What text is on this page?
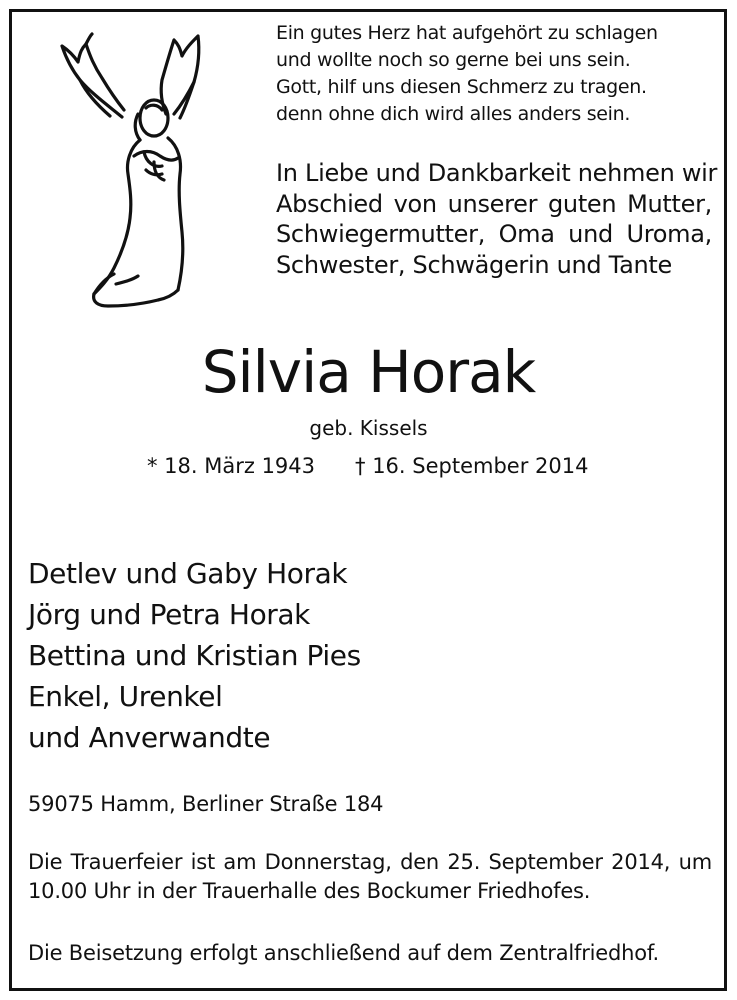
Ein gutes Herz hat aufgehört zu schlagen
und wollte noch so gerne bei uns sein.
Gott, hilf uns diesen Schmerz zu tragen.
denn ohne dich wird alles anders sein.
In Liebe und Dankbarkeit nehmen wir
Abschied von unserer guten Mutter,
Schwiegermutter, Oma und Uroma,
Schwester, Schwägerin und Tante
Silvia Horak
geb. Kissels
* 18. März 1943 † 16. September 2014
Detlev und Gaby Horak
Jörg und Petra Horak
Bettina und Kristian Pies
Enkel, Urenkel
und Anverwandte
59075 Hamm, Berliner Straße 184
Die Trauerfeier ist am Donnerstag, den 25. September 2014, um
10.00 Uhr in der Trauerhalle des Bockumer Friedhofes.
Die Beisetzung erfolgt anschließend auf dem Zentralfriedhof.
